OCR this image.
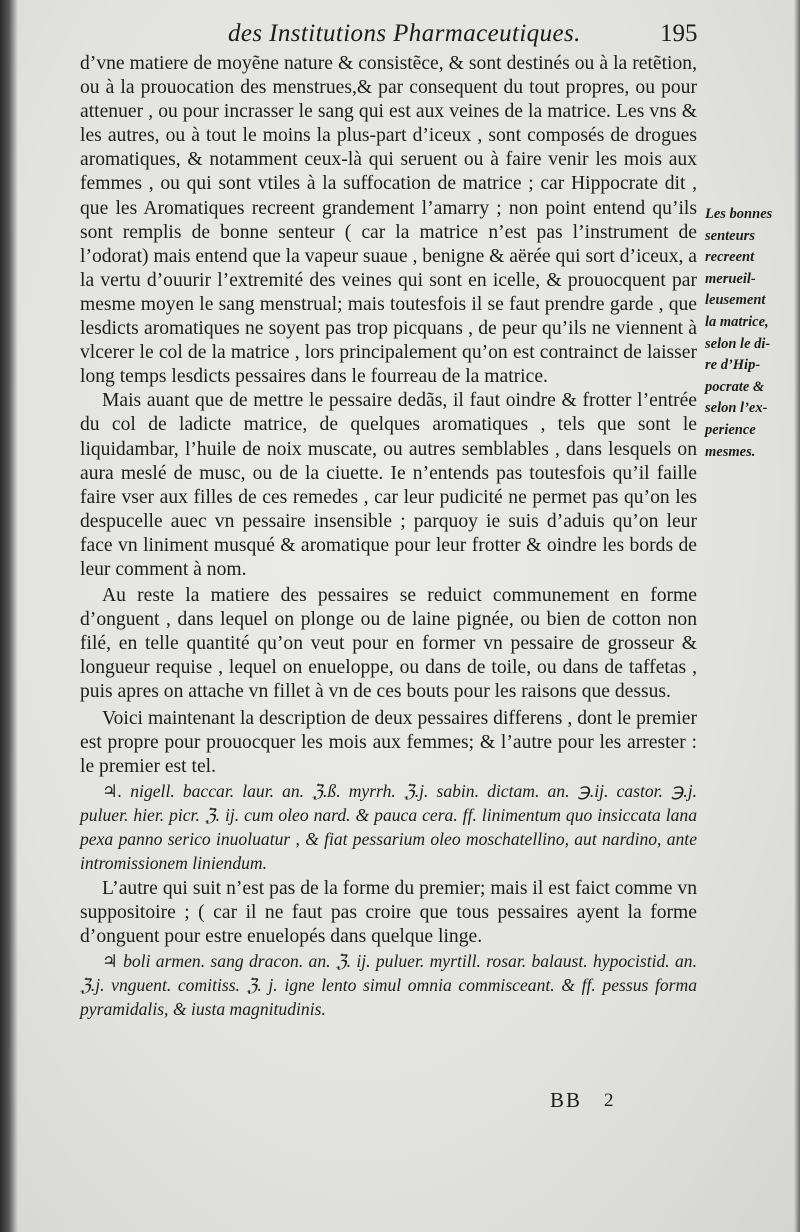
des Institutions Pharmaceutiques.	195

d’vne matiere de moyẽne nature & consistẽce, & sont destinés ou à la retẽtion, ou à la prouocation des menstrues,& par consequent du tout propres, ou pour attenuer , ou pour incrasser le sang qui est aux veines de la matrice. Les vns & les autres, ou à tout le moins la plus-part d’iceux , sont composés de drogues aromatiques, & notamment ceux-là qui seruent ou à faire venir les mois aux femmes , ou qui sont vtiles à la suffocation de matrice ; car Hippocrate dit , que les Aromatiques recreent grandement l’amarry ; non point entend qu’ils sont remplis de bonne senteur ( car la matrice n’est pas l’instrument de l’odorat) mais entend que la vapeur suaue , benigne & aërée qui sort d’iceux, a la vertu d’ouurir l’extremité des veines qui sont en icelle, & prouocquent par mesme moyen le sang menstrual; mais toutesfois il se faut prendre garde , que lesdicts aromatiques ne soyent pas trop picquans , de peur qu’ils ne viennent à vlcerer le col de la matrice , lors principalement qu’on est contrainct de laisser long temps lesdicts pessaires dans le fourreau de la matrice.

Mais auant que de mettre le pessaire dedãs, il faut oindre & frotter l’entrée du col de ladicte matrice, de quelques aromatiques , tels que sont le liquidambar, l’huile de noix muscate, ou autres semblables , dans lesquels on aura meslé de musc, ou de la ciuette. Ie n’entends pas toutesfois qu’il faille faire vser aux filles de ces remedes , car leur pudicité ne permet pas qu’on les despucelle auec vn pessaire insensible ; parquoy ie suis d’aduis qu’on leur face vn liniment musqué & aromatique pour leur frotter & oindre les bords de leur comment à nom.

Au reste la matiere des pessaires se reduict communement en forme d’onguent , dans lequel on plonge ou de laine pignée, ou bien de cotton non filé, en telle quantité qu’on veut pour en former vn pessaire de grosseur & longueur requise , lequel on enueloppe, ou dans de toile, ou dans de taffetas , puis apres on attache vn fillet à vn de ces bouts pour les raisons que dessus.

Voici maintenant la description de deux pessaires differens , dont le premier est propre pour prouocquer les mois aux femmes; & l’autre pour les arrester : le premier est tel.

♃. nigell. baccar. laur. an. ℨ.ß. myrrh. ℨ.j. sabin. dictam. an. ℈.ij. castor. ℈.j. puluer. hier. picr. ℨ. ij. cum oleo nard. & pauca cera. ff. linimentum quo insiccata lana pexa panno serico inuoluatur , & fiat pessarium oleo moschatellino, aut nardino, ante intromissionem liniendum.

L’autre qui suit n’est pas de la forme du premier; mais il est faict comme vn suppositoire ; ( car il ne faut pas croire que tous pessaires ayent la forme d’onguent pour estre enuelopés dans quelque linge.

♃ boli armen. sang dracon. an. ℨ. ij. puluer. myrtill. rosar. balaust. hypocistid. an. ℨ.j. vnguent. comitiss. ℨ. j. igne lento simul omnia commisceant. & ff. pessus forma pyramidalis, & iusta magnitudinis.

Les bonnes
senteurs
recreent
merueil-
leusement
la matrice,
selon le di-
re d’Hip-
pocrate &
selon l’ex-
perience
mesmes.
BB 2
